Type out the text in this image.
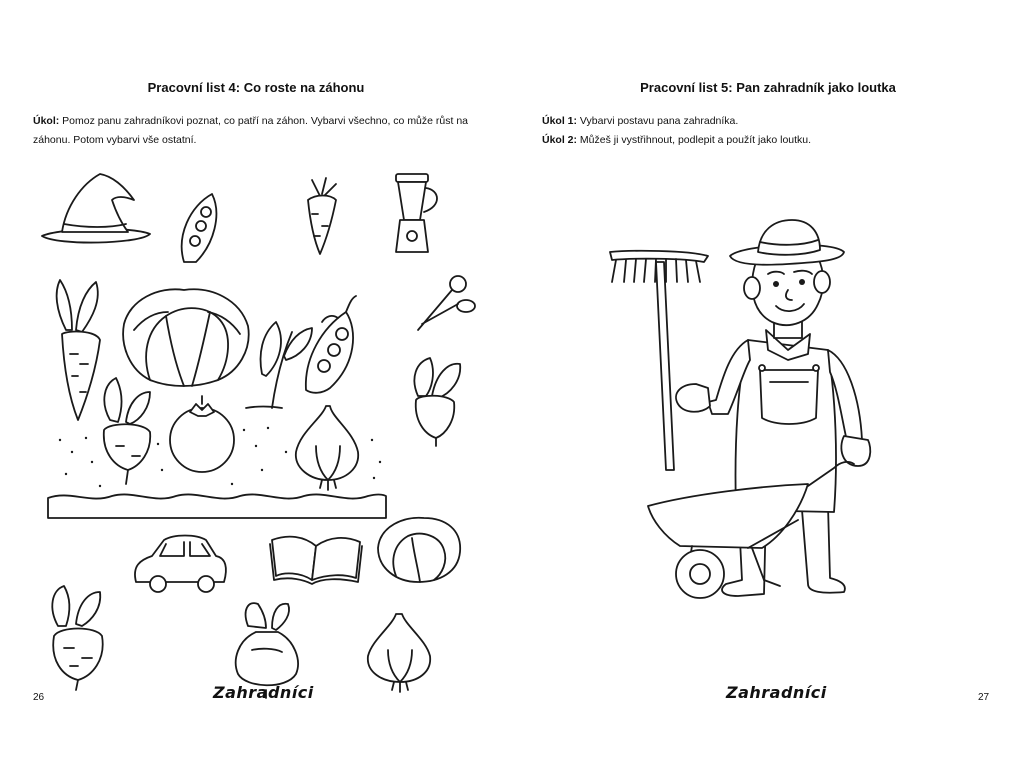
Pracovní list 4: Co roste na záhonu
Úkol: Pomoz panu zahradníkovi poznat, co patří na záhon. Vybarvi všechno, co může růst na
záhonu. Potom vybarvi vše ostatní.
26	Zahradníci
Pracovní list 5: Pan zahradník jako loutka
Úkol 1: Vybarvi postavu pana zahradníka.
Úkol 2: Můžeš ji vystřihnout, podlepit a použít jako loutku.
Zahradníci	27
